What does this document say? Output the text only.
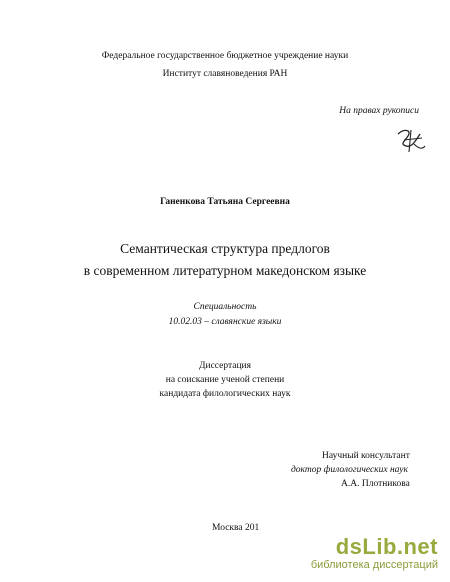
Федеральное государственное бюджетное учреждение науки
Институт славяноведения РАН
На правах рукописи
Ганенкова Татьяна Сергеевна
Семантическая структура предлогов
в современном литературном македонском языке
Специальность
10.02.03 – славянские языки
Диссертация
на соискание ученой степени
кандидата филологических наук
Научный консультант
доктор филологических наук
А.А. Плотникова
Москва 201
dsLib.net
библиотека диссертаций
